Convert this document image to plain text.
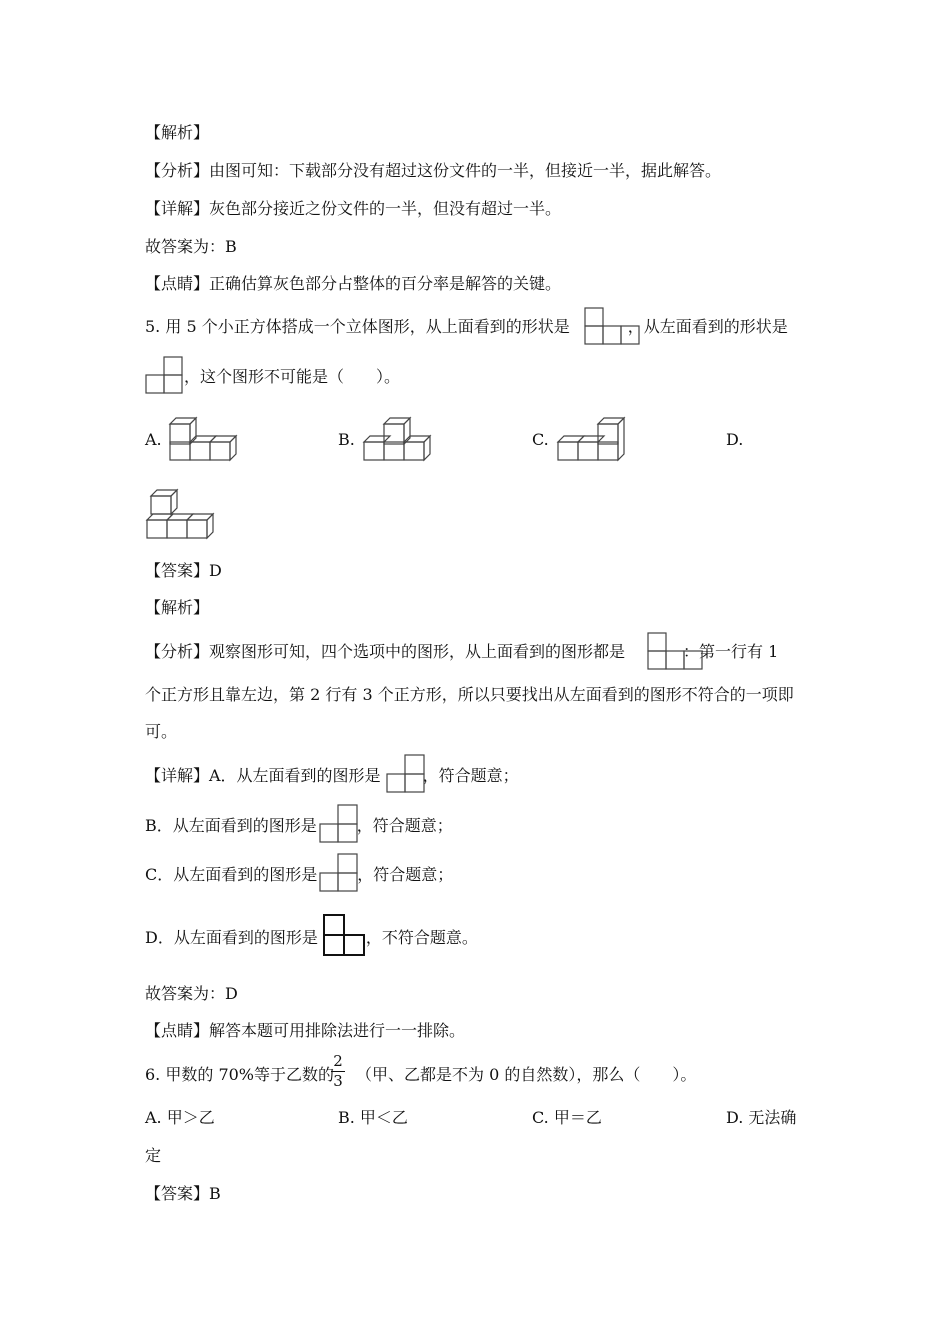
【解析】
【分析】由图可知：下载部分没有超过这份文件的一半，但接近一半，据此解答。
【详解】灰色部分接近之份文件的一半，但没有超过一半。
故答案为：B
【点睛】正确估算灰色部分占整体的百分率是解答的关键。
5. 用 5 个小正方体搭成一个立体图形，从上面看到的形状是	，从左面看到的形状是
，这个图形不可能是（　　）。
A.	B.	C.	D.
【答案】D
【解析】
【分析】观察图形可知，四个选项中的图形，从上面看到的图形都是	：第一行有 1
个正方形且靠左边，第 2 行有 3 个正方形，所以只要找出从左面看到的图形不符合的一项即
可。
【详解】A．从左面看到的图形是	，符合题意；
B．从左面看到的图形是	，符合题意；
C．从左面看到的图形是	，符合题意；
D．从左面看到的图形是	，不符合题意。
故答案为：D
【点睛】解答本题可用排除法进行一一排除。
6. 甲数的 70%等于乙数的 （甲、乙都是不为 0 的自然数），那么（　　）。
2
3
A. 甲＞乙	B. 甲＜乙	C. 甲＝乙	D. 无法确
定
【答案】B
